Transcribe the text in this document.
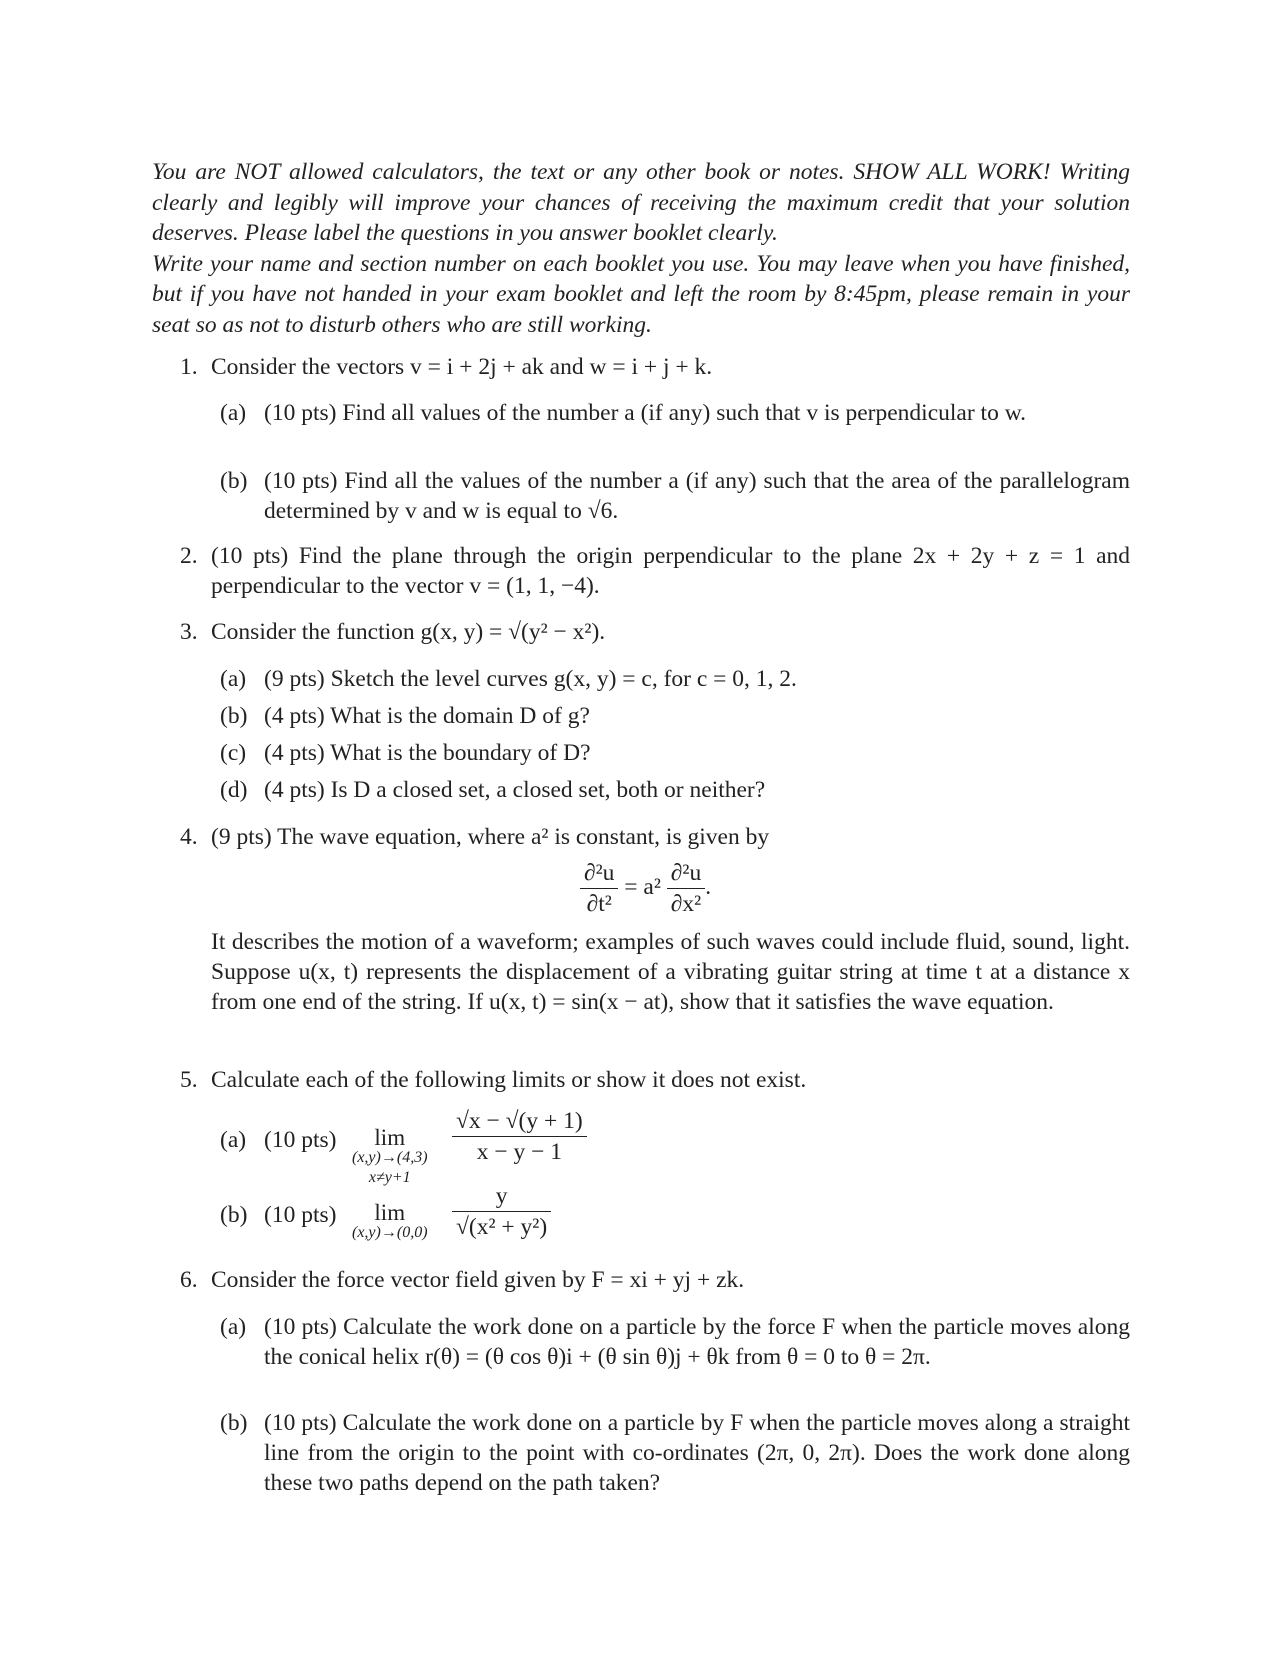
You are NOT allowed calculators, the text or any other book or notes. SHOW ALL WORK! Writing clearly and legibly will improve your chances of receiving the maximum credit that your solution deserves. Please label the questions in you answer booklet clearly.

Write your name and section number on each booklet you use. You may leave when you have finished, but if you have not handed in your exam booklet and left the room by 8:45pm, please remain in your seat so as not to disturb others who are still working.

1. Consider the vectors v = i + 2j + ak and w = i + j + k.
(a) (10 pts) Find all values of the number a (if any) such that v is perpendicular to w.
(b) (10 pts) Find all the values of the number a (if any) such that the area of the parallelogram determined by v and w is equal to √6.
2. (10 pts) Find the plane through the origin perpendicular to the plane 2x + 2y + z = 1 and perpendicular to the vector v = (1, 1, −4).
3. Consider the function g(x, y) = √(y² − x²).
(a) (9 pts) Sketch the level curves g(x, y) = c, for c = 0, 1, 2.
(b) (4 pts) What is the domain D of g?
(c) (4 pts) What is the boundary of D?
(d) (4 pts) Is D a closed set, a closed set, both or neither?
4. (9 pts) The wave equation, where a² is constant, is given by
$\frac{\text{∂²u}}{\text{∂t²}} = a^2 \frac{\text{∂²u}}{\text{∂x²}}$ .
It describes the motion of a waveform; examples of such waves could include fluid, sound, light. Suppose u(x, t) represents the displacement of a vibrating guitar string at time t at a distance x from one end of the string. If u(x, t) = sin(x − at), show that it satisfies the wave equation.
5. Calculate each of the following limits or show it does not exist.
(a) (10 pts)	lim
(x,y)→(4,3)
x≠y+1
$\frac{√x - √(y + 1)}{x - y - 1}$
(b) (10 pts)	lim
$(x,y)\to(0,0) \frac{y}{\text{√(x² + y²)}}$
6. Consider the force vector field given by F = xi + yj + zk.
(a) (10 pts) Calculate the work done on a particle by the force F when the particle moves along the conical helix r(θ) = (θ cos θ)i + (θ sin θ)j + θk from θ = 0 to θ = 2π.
(b) (10 pts) Calculate the work done on a particle by F when the particle moves along a straight line from the origin to the point with co-ordinates (2π, 0, 2π). Does the work done along these two paths depend on the path taken?
